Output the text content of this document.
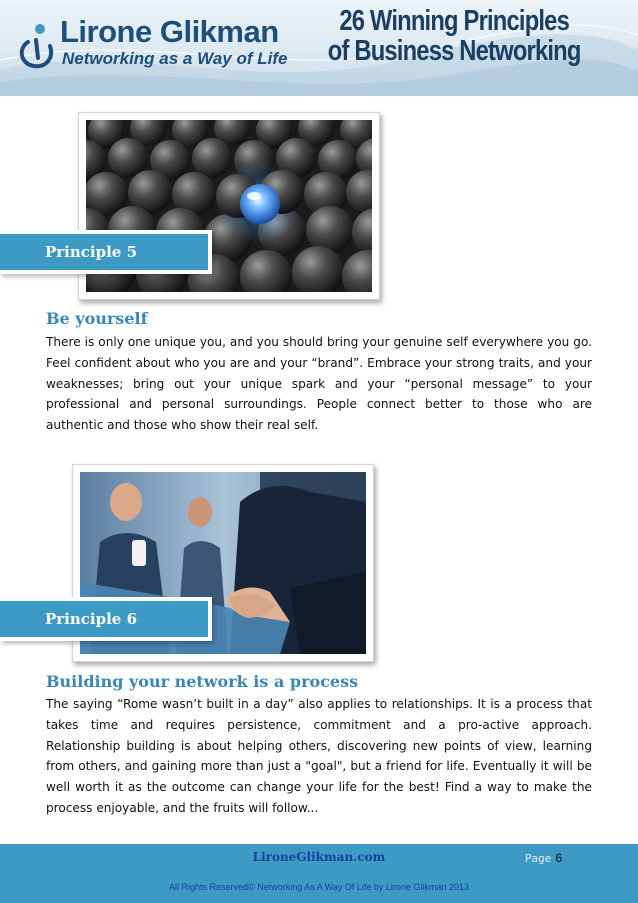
Lirone Glikman
Networking as a Way of Life
26 Winning Principles
of Business Networking
Principle 5
Be yourself

There is only one unique you, and you should bring your genuine self everywhere you go. Feel confident about who you are and your “brand”. Embrace your strong traits, and your weaknesses; bring out your unique spark and your “personal message” to your professional and personal surroundings. People connect better to those who are authentic and those who show their real self.

Principle 6
Building your network is a process

The saying “Rome wasn’t built in a day” also applies to relationships. It is a process that takes time and requires persistence, commitment and a pro-active approach. Relationship building is about helping others, discovering new points of view, learning from others, and gaining more than just a "goal", but a friend for life. Eventually it will be well worth it as the outcome can change your life for the best! Find a way to make the process enjoyable, and the fruits will follow...

LironeGlikman.com	Page 6
All Rights Reserved© Networking As A Way Of Life by Lirone Glikman 2013
